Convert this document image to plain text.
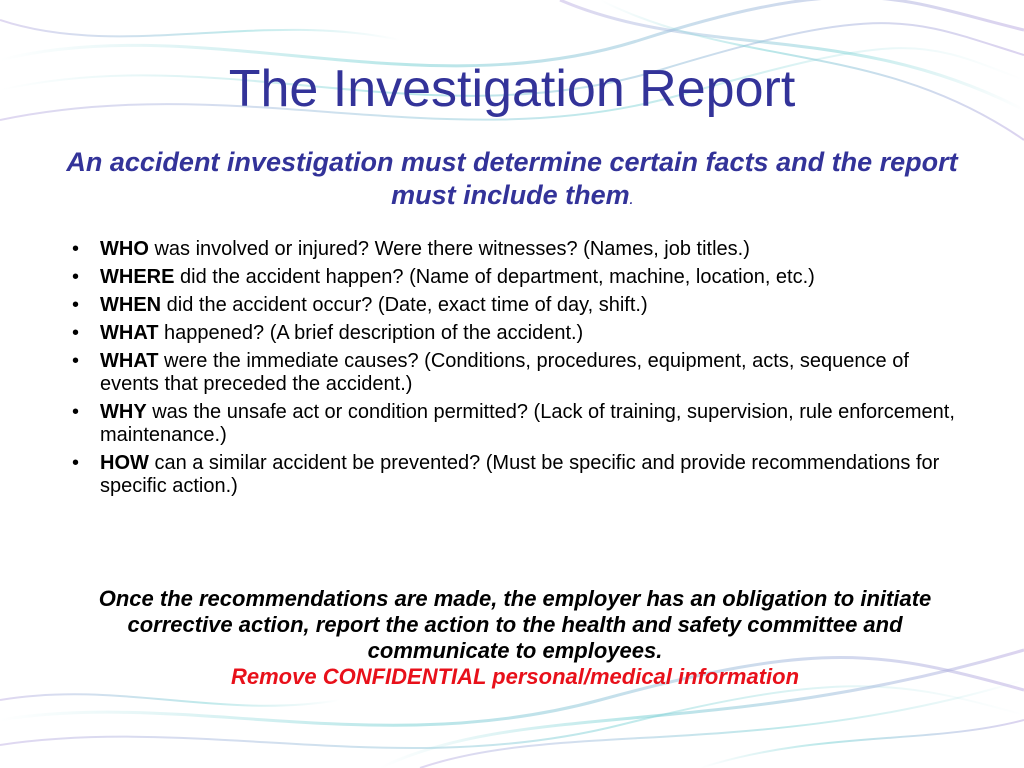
The Investigation Report
An accident investigation must determine certain facts and the report must include them.
•	WHO was involved or injured? Were there witnesses? (Names, job titles.)
•	WHERE did the accident happen? (Name of department, machine, location, etc.)
•	WHEN did the accident occur? (Date, exact time of day, shift.)
•	WHAT happened? (A brief description of the accident.)
•	WHAT were the immediate causes? (Conditions, procedures, equipment, acts, sequence of events that preceded the accident.)
•	WHY was the unsafe act or condition permitted? (Lack of training, supervision, rule enforcement, maintenance.)
•	HOW can a similar accident be prevented? (Must be specific and provide recommendations for specific action.)
Once the recommendations are made, the employer has an obligation to initiate corrective action, report the action to the health and safety committee and communicate to employees.
Remove CONFIDENTIAL personal/medical information
